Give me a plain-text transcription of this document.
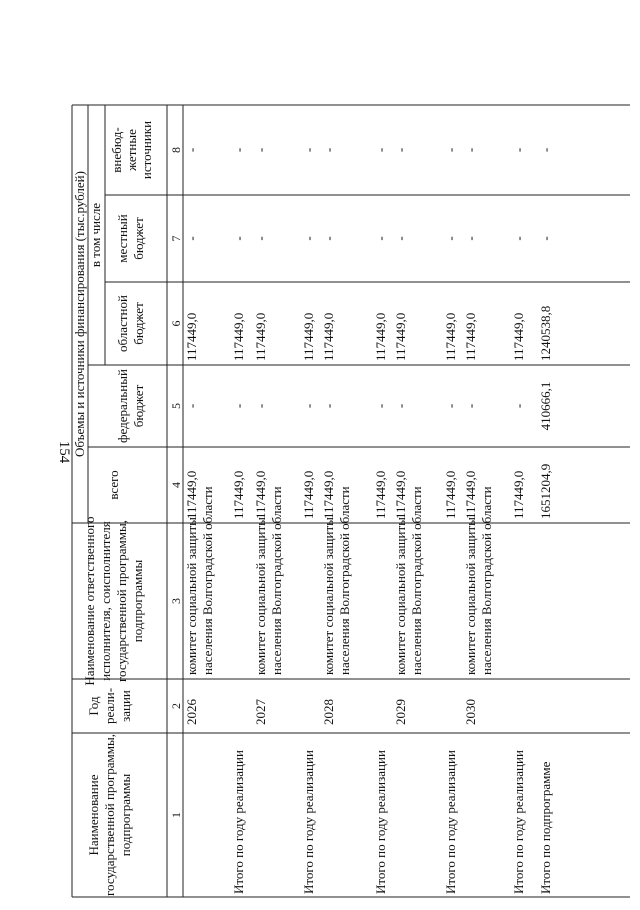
154
Наименование государственной программы, подпрограммы
Год реали- зации
Наименование ответственного исполнителя, соисполнителя государственной программы, подпрограммы
Объемы и источники финансирования (тыс.рублей)
всего
в том числе
федеральный бюджет
областной бюджет
местный бюджет
внебюд- жетные источники
1
2
3
4
5
6
7
8
2026
комитет социальной защиты населения Волгоградской области
117449,0
-
117449,0
-
-
Итого по году реализации
117449,0
-
117449,0
-
-
2027
комитет социальной защиты населения Волгоградской области
117449,0
-
117449,0
-
-
Итого по году реализации
117449,0
-
117449,0
-
-
2028
комитет социальной защиты населения Волгоградской области
117449,0
-
117449,0
-
-
Итого по году реализации
117449,0
-
117449,0
-
-
2029
комитет социальной защиты населения Волгоградской области
117449,0
-
117449,0
-
-
Итого по году реализации
117449,0
-
117449,0
-
-
2030
комитет социальной защиты населения Волгоградской области
117449,0
-
117449,0
-
-
Итого по году реализации
117449,0
-
117449,0
-
-
Итого по подпрограмме
1651204,9
410666,1
1240538,8
-
-
